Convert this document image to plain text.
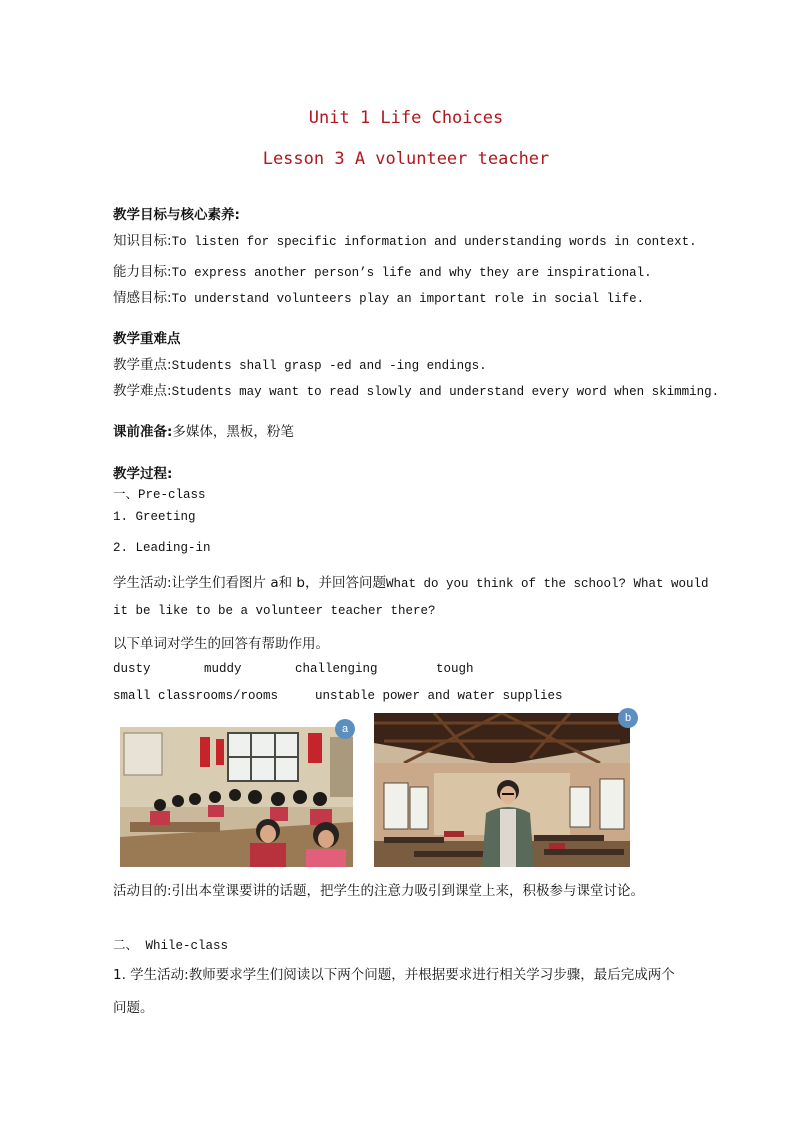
Unit 1 Life Choices
Lesson 3 A volunteer teacher
教学目标与核心素养:
知识目标:To listen for specific information and understanding words in context.
能力目标:To express another person’s life and why they are inspirational.
情感目标:To understand volunteers play an important role in social life.
教学重难点
教学重点:Students shall grasp -ed and -ing endings.
教学难点:Students may want to read slowly and understand every word when skimming.
课前准备:多媒体，黑板，粉笔
教学过程:
一、Pre-class
1. Greeting
2. Leading-in
学生活动:让学生们看图片 a和 b，并回答问题What do you think of the school? What would
it be like to be a volunteer teacher there?
以下单词对学生的回答有帮助作用。
dusty	muddy	challenging	tough
small classrooms/rooms	unstable power and water supplies
a
b
活动目的:引出本堂课要讲的话题，把学生的注意力吸引到课堂上来，积极参与课堂讨论。
二、 While-class
1. 学生活动:教师要求学生们阅读以下两个问题，并根据要求进行相关学习步骤，最后完成两个
问题。
